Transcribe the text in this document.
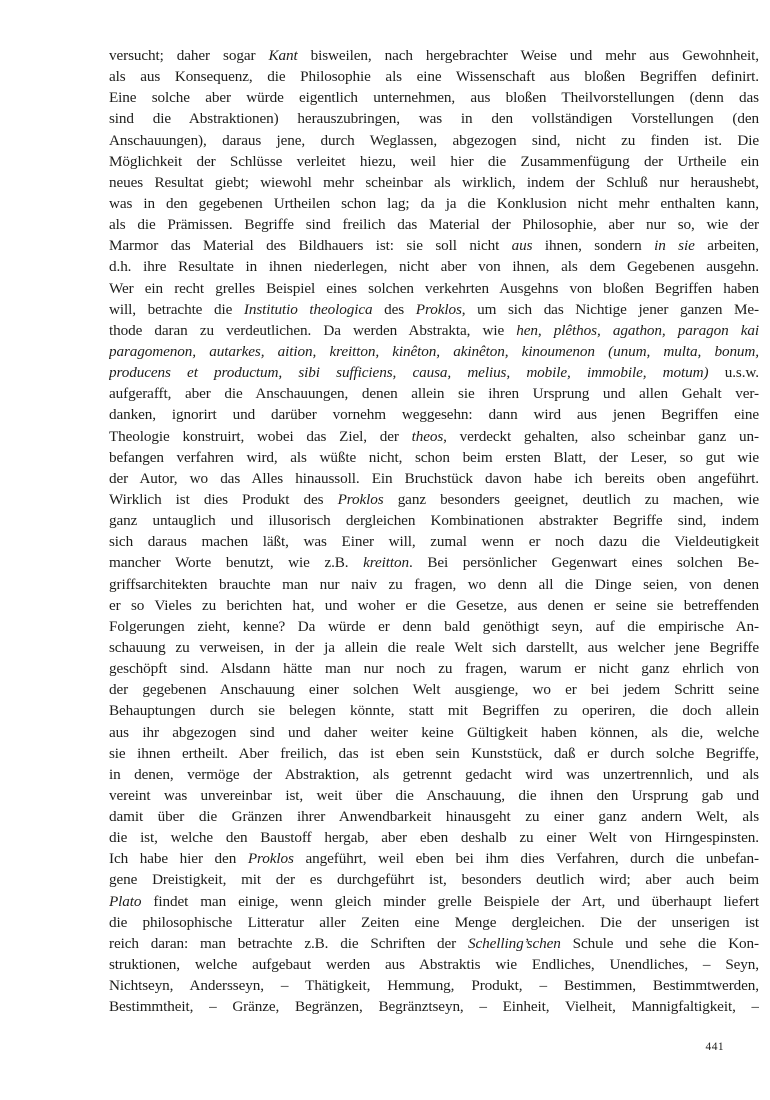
versucht; daher sogar Kant bisweilen, nach hergebrachter Weise und mehr aus Gewohnheit,
als aus Konsequenz, die Philosophie als eine Wissenschaft aus bloßen Begriffen definirt.
Eine solche aber würde eigentlich unternehmen, aus bloßen Theilvorstellungen (denn das
sind die Abstraktionen) herauszubringen, was in den vollständigen Vorstellungen (den
Anschauungen), daraus jene, durch Weglassen, abgezogen sind, nicht zu finden ist. Die
Möglichkeit der Schlüsse verleitet hiezu, weil hier die Zusammenfügung der Urtheile ein
neues Resultat giebt; wiewohl mehr scheinbar als wirklich, indem der Schluß nur heraushebt,
was in den gegebenen Urtheilen schon lag; da ja die Konklusion nicht mehr enthalten kann,
als die Prämissen. Begriffe sind freilich das Material der Philosophie, aber nur so, wie der
Marmor das Material des Bildhauers ist: sie soll nicht aus ihnen, sondern in sie arbeiten,
d.h. ihre Resultate in ihnen niederlegen, nicht aber von ihnen, als dem Gegebenen ausgehn.
Wer ein recht grelles Beispiel eines solchen verkehrten Ausgehns von bloßen Begriffen haben
will, betrachte die Institutio theologica des Proklos, um sich das Nichtige jener ganzen Me-
thode daran zu verdeutlichen. Da werden Abstrakta, wie hen, plêthos, agathon, paragon kai
paragomenon, autarkes, aition, kreitton, kinêton, akinêton, kinoumenon (unum, multa, bonum,
producens et productum, sibi sufficiens, causa, melius, mobile, immobile, motum) u.s.w.
aufgerafft, aber die Anschauungen, denen allein sie ihren Ursprung und allen Gehalt ver-
danken, ignorirt und darüber vornehm weggesehn: dann wird aus jenen Begriffen eine
Theologie konstruirt, wobei das Ziel, der theos, verdeckt gehalten, also scheinbar ganz un-
befangen verfahren wird, als wüßte nicht, schon beim ersten Blatt, der Leser, so gut wie
der Autor, wo das Alles hinaussoll. Ein Bruchstück davon habe ich bereits oben angeführt.
Wirklich ist dies Produkt des Proklos ganz besonders geeignet, deutlich zu machen, wie
ganz untauglich und illusorisch dergleichen Kombinationen abstrakter Begriffe sind, indem
sich daraus machen läßt, was Einer will, zumal wenn er noch dazu die Vieldeutigkeit
mancher Worte benutzt, wie z.B. kreitton. Bei persönlicher Gegenwart eines solchen Be-
griffsarchitekten brauchte man nur naiv zu fragen, wo denn all die Dinge seien, von denen
er so Vieles zu berichten hat, und woher er die Gesetze, aus denen er seine sie betreffenden
Folgerungen zieht, kenne? Da würde er denn bald genöthigt seyn, auf die empirische An-
schauung zu verweisen, in der ja allein die reale Welt sich darstellt, aus welcher jene Begriffe
geschöpft sind. Alsdann hätte man nur noch zu fragen, warum er nicht ganz ehrlich von
der gegebenen Anschauung einer solchen Welt ausgienge, wo er bei jedem Schritt seine
Behauptungen durch sie belegen könnte, statt mit Begriffen zu operiren, die doch allein
aus ihr abgezogen sind und daher weiter keine Gültigkeit haben können, als die, welche
sie ihnen ertheilt. Aber freilich, das ist eben sein Kunststück, daß er durch solche Begriffe,
in denen, vermöge der Abstraktion, als getrennt gedacht wird was unzertrennlich, und als
vereint was unvereinbar ist, weit über die Anschauung, die ihnen den Ursprung gab und
damit über die Gränzen ihrer Anwendbarkeit hinausgeht zu einer ganz andern Welt, als
die ist, welche den Baustoff hergab, aber eben deshalb zu einer Welt von Hirngespinsten.
Ich habe hier den Proklos angeführt, weil eben bei ihm dies Verfahren, durch die unbefan-
gene Dreistigkeit, mit der es durchgeführt ist, besonders deutlich wird; aber auch beim
Plato findet man einige, wenn gleich minder grelle Beispiele der Art, und überhaupt liefert
die philosophische Litteratur aller Zeiten eine Menge dergleichen. Die der unserigen ist
reich daran: man betrachte z.B. die Schriften der Schelling’schen Schule und sehe die Kon-
struktionen, welche aufgebaut werden aus Abstraktis wie Endliches, Unendliches, – Seyn,
Nichtseyn, Andersseyn, – Thätigkeit, Hemmung, Produkt, – Bestimmen, Bestimmtwerden,
Bestimmtheit, – Gränze, Begränzen, Begränztseyn, – Einheit, Vielheit, Mannigfaltigkeit, –
441
